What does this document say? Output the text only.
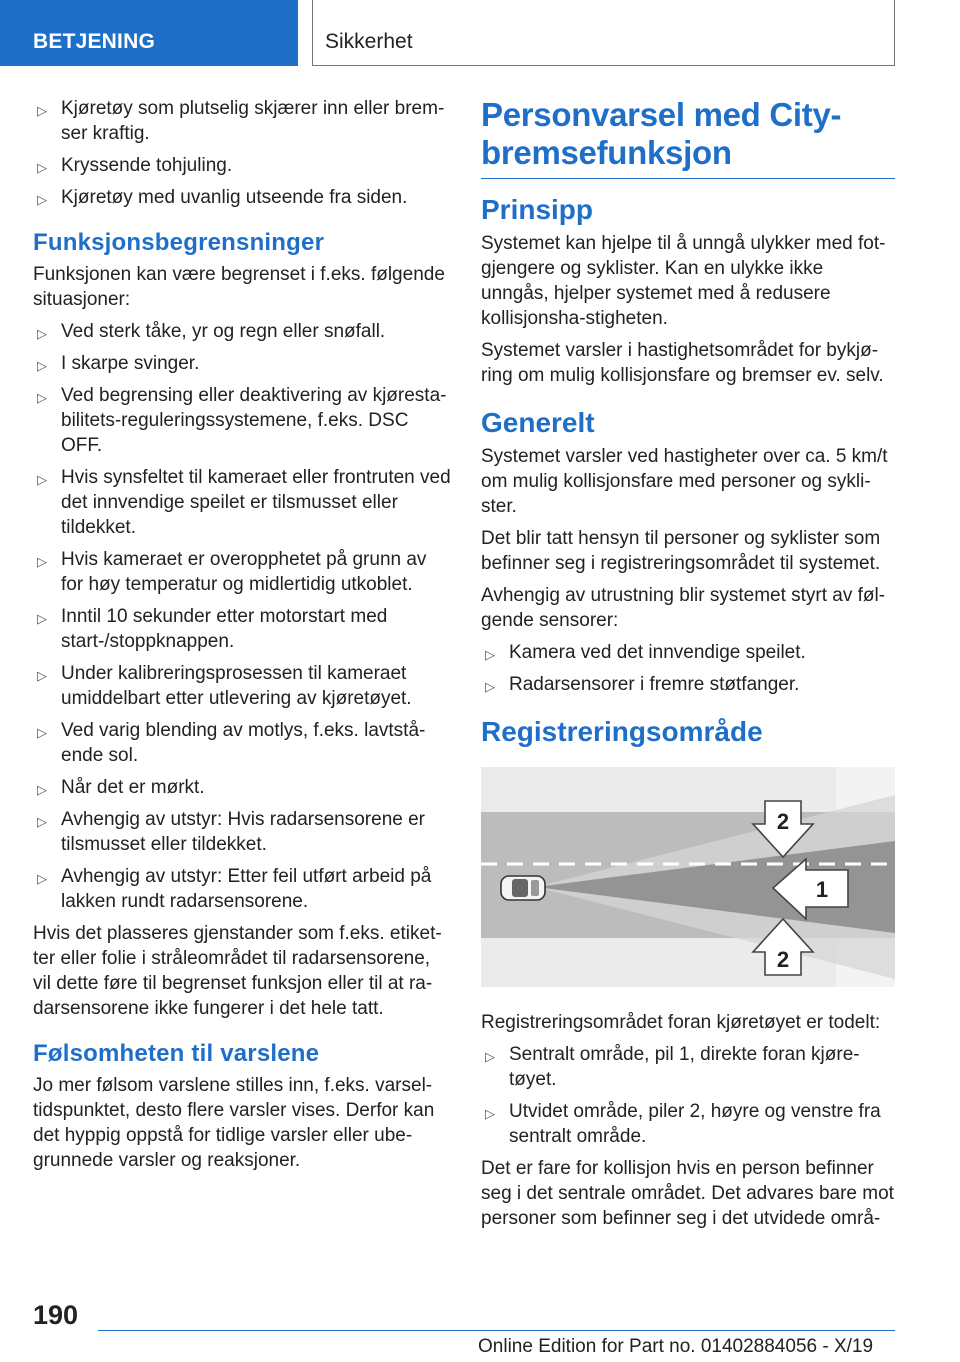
BETJENING	Sikkerhet
▷ Kjøretøy som plutselig skjærer inn eller brem-ser kraftig.
▷ Kryssende tohjuling.
▷ Kjøretøy med uvanlig utseende fra siden.
Funksjonsbegrensninger

Funksjonen kan være begrenset i f.eks. følgende situasjoner:

▷ Ved sterk tåke, yr og regn eller snøfall.
▷ I skarpe svinger.
▷ Ved begrensing eller deaktivering av kjøresta-bilitets-reguleringssystemene, f.eks. DSC OFF.
▷ Hvis synsfeltet til kameraet eller frontruten ved det innvendige speilet er tilsmusset eller tildekket.
▷ Hvis kameraet er overopphetet på grunn av for høy temperatur og midlertidig utkoblet.
▷ Inntil 10 sekunder etter motorstart med start-/stoppknappen.
▷ Under kalibreringsprosessen til kameraet umiddelbart etter utlevering av kjøretøyet.
▷ Ved varig blending av motlys, f.eks. lavtstå-ende sol.
▷ Når det er mørkt.
▷ Avhengig av utstyr: Hvis radarsensorene er tilsmusset eller tildekket.
▷ Avhengig av utstyr: Etter feil utført arbeid på lakken rundt radarsensorene.

Hvis det plasseres gjenstander som f.eks. etiket-ter eller folie i stråleområdet til radarsensorene, vil dette føre til begrenset funksjon eller til at ra-darsensorene ikke fungerer i det hele tatt.

Følsomheten til varslene

Jo mer følsom varslene stilles inn, f.eks. varsel-tidspunktet, desto flere varsler vises. Derfor kan det hyppig oppstå for tidlige varsler eller ube-grunnede varsler og reaksjoner.

Personvarsel med City-bremsefunksjon
Prinsipp

Systemet kan hjelpe til å unngå ulykker med fot-gjengere og syklister. Kan en ulykke ikke unngås, hjelper systemet med å redusere kollisjonsha-stigheten.

Systemet varsler i hastighetsområdet for bykjø-ring om mulig kollisjonsfare og bremser ev. selv.

Generelt

Systemet varsler ved hastigheter over ca. 5 km/t om mulig kollisjonsfare med personer og sykli-ster.

Det blir tatt hensyn til personer og syklister som befinner seg i registreringsområdet til systemet.

Avhengig av utrustning blir systemet styrt av føl-gende sensorer:

▷ Kamera ved det innvendige speilet.
▷ Radarsensorer i fremre støtfanger.
Registreringsområde
2
1
2

Registreringsområdet foran kjøretøyet er todelt:

▷ Sentralt område, pil 1, direkte foran kjøre-tøyet.
▷ Utvidet område, piler 2, høyre og venstre fra sentralt område.

Det er fare for kollisjon hvis en person befinner seg i det sentrale området. Det advares bare mot personer som befinner seg i det utvidede områ-

190
Online Edition for Part no. 01402884056 - X/19
